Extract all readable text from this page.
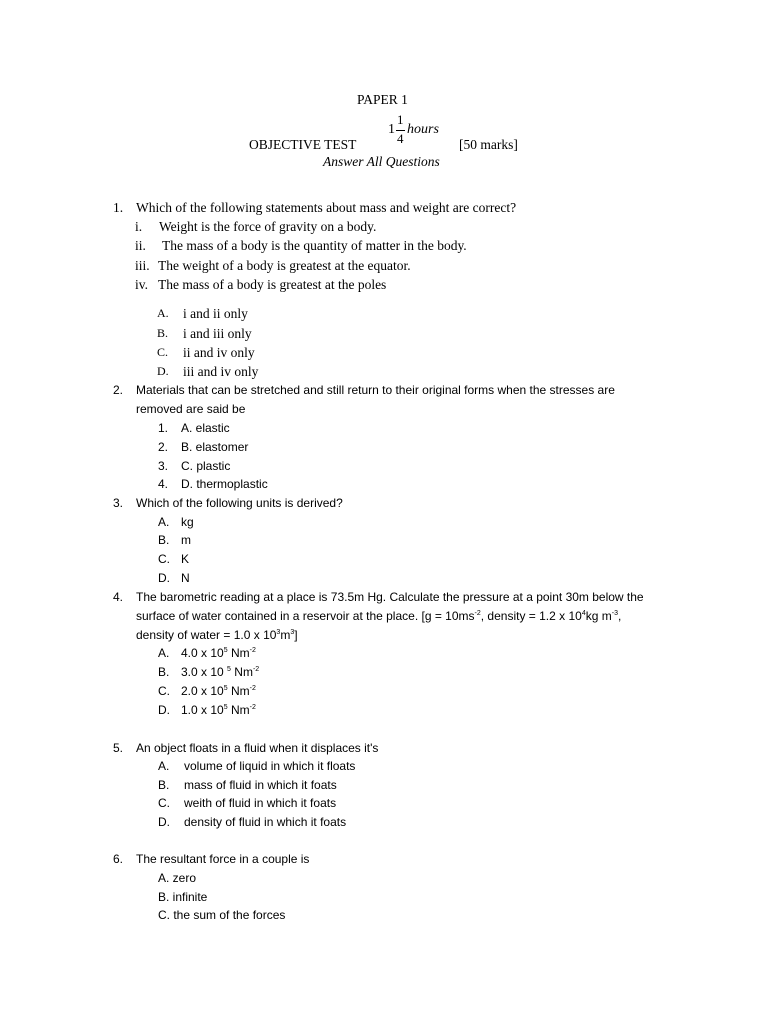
PAPER 1
1
1
4
hours
OBJECTIVE TEST	[50 marks]
Answer All Questions
1. Which of the following statements about mass and weight are correct?
i. Weight is the force of gravity on a body.
ii. The mass of a body is the quantity of matter in the body.
iii. The weight of a body is greatest at the equator.
iv. The mass of a body is greatest at the poles
A. i and ii only
B. i and iii only
C. ii and iv only
D. iii and iv only
2. Materials that can be stretched and still return to their original forms when the stresses are
removed are said be
1. A. elastic
2. B. elastomer
3. C. plastic
4. D. thermoplastic
3. Which of the following units is derived?
A. kg
B. m
C. K
D. N
4. The barometric reading at a place is 73.5m Hg. Calculate the pressure at a point 30m below the
surface of water contained in a reservoir at the place. [$g = 10ms^{-2}$, density = 1.2 x $10^4kg$ $m^{-3}$,
density of water = 1.0 x $10^3m^3$]
A. 4.0 x $10^5$ $Nm^{-2}$
B. 3.0 x 10 $^5$ $Nm^{-2}$
C. 2.0 x $10^5$ $Nm^{-2}$
D. 1.0 x $10^5$ $Nm^{-2}$
5. An object floats in a fluid when it displaces it's
A. volume of liquid in which it floats
B. mass of fluid in which it foats
C. weith of fluid in which it foats
D. density of fluid in which it foats
6. The resultant force in a couple is
A. zero
B. infinite
C. the sum of the forces
